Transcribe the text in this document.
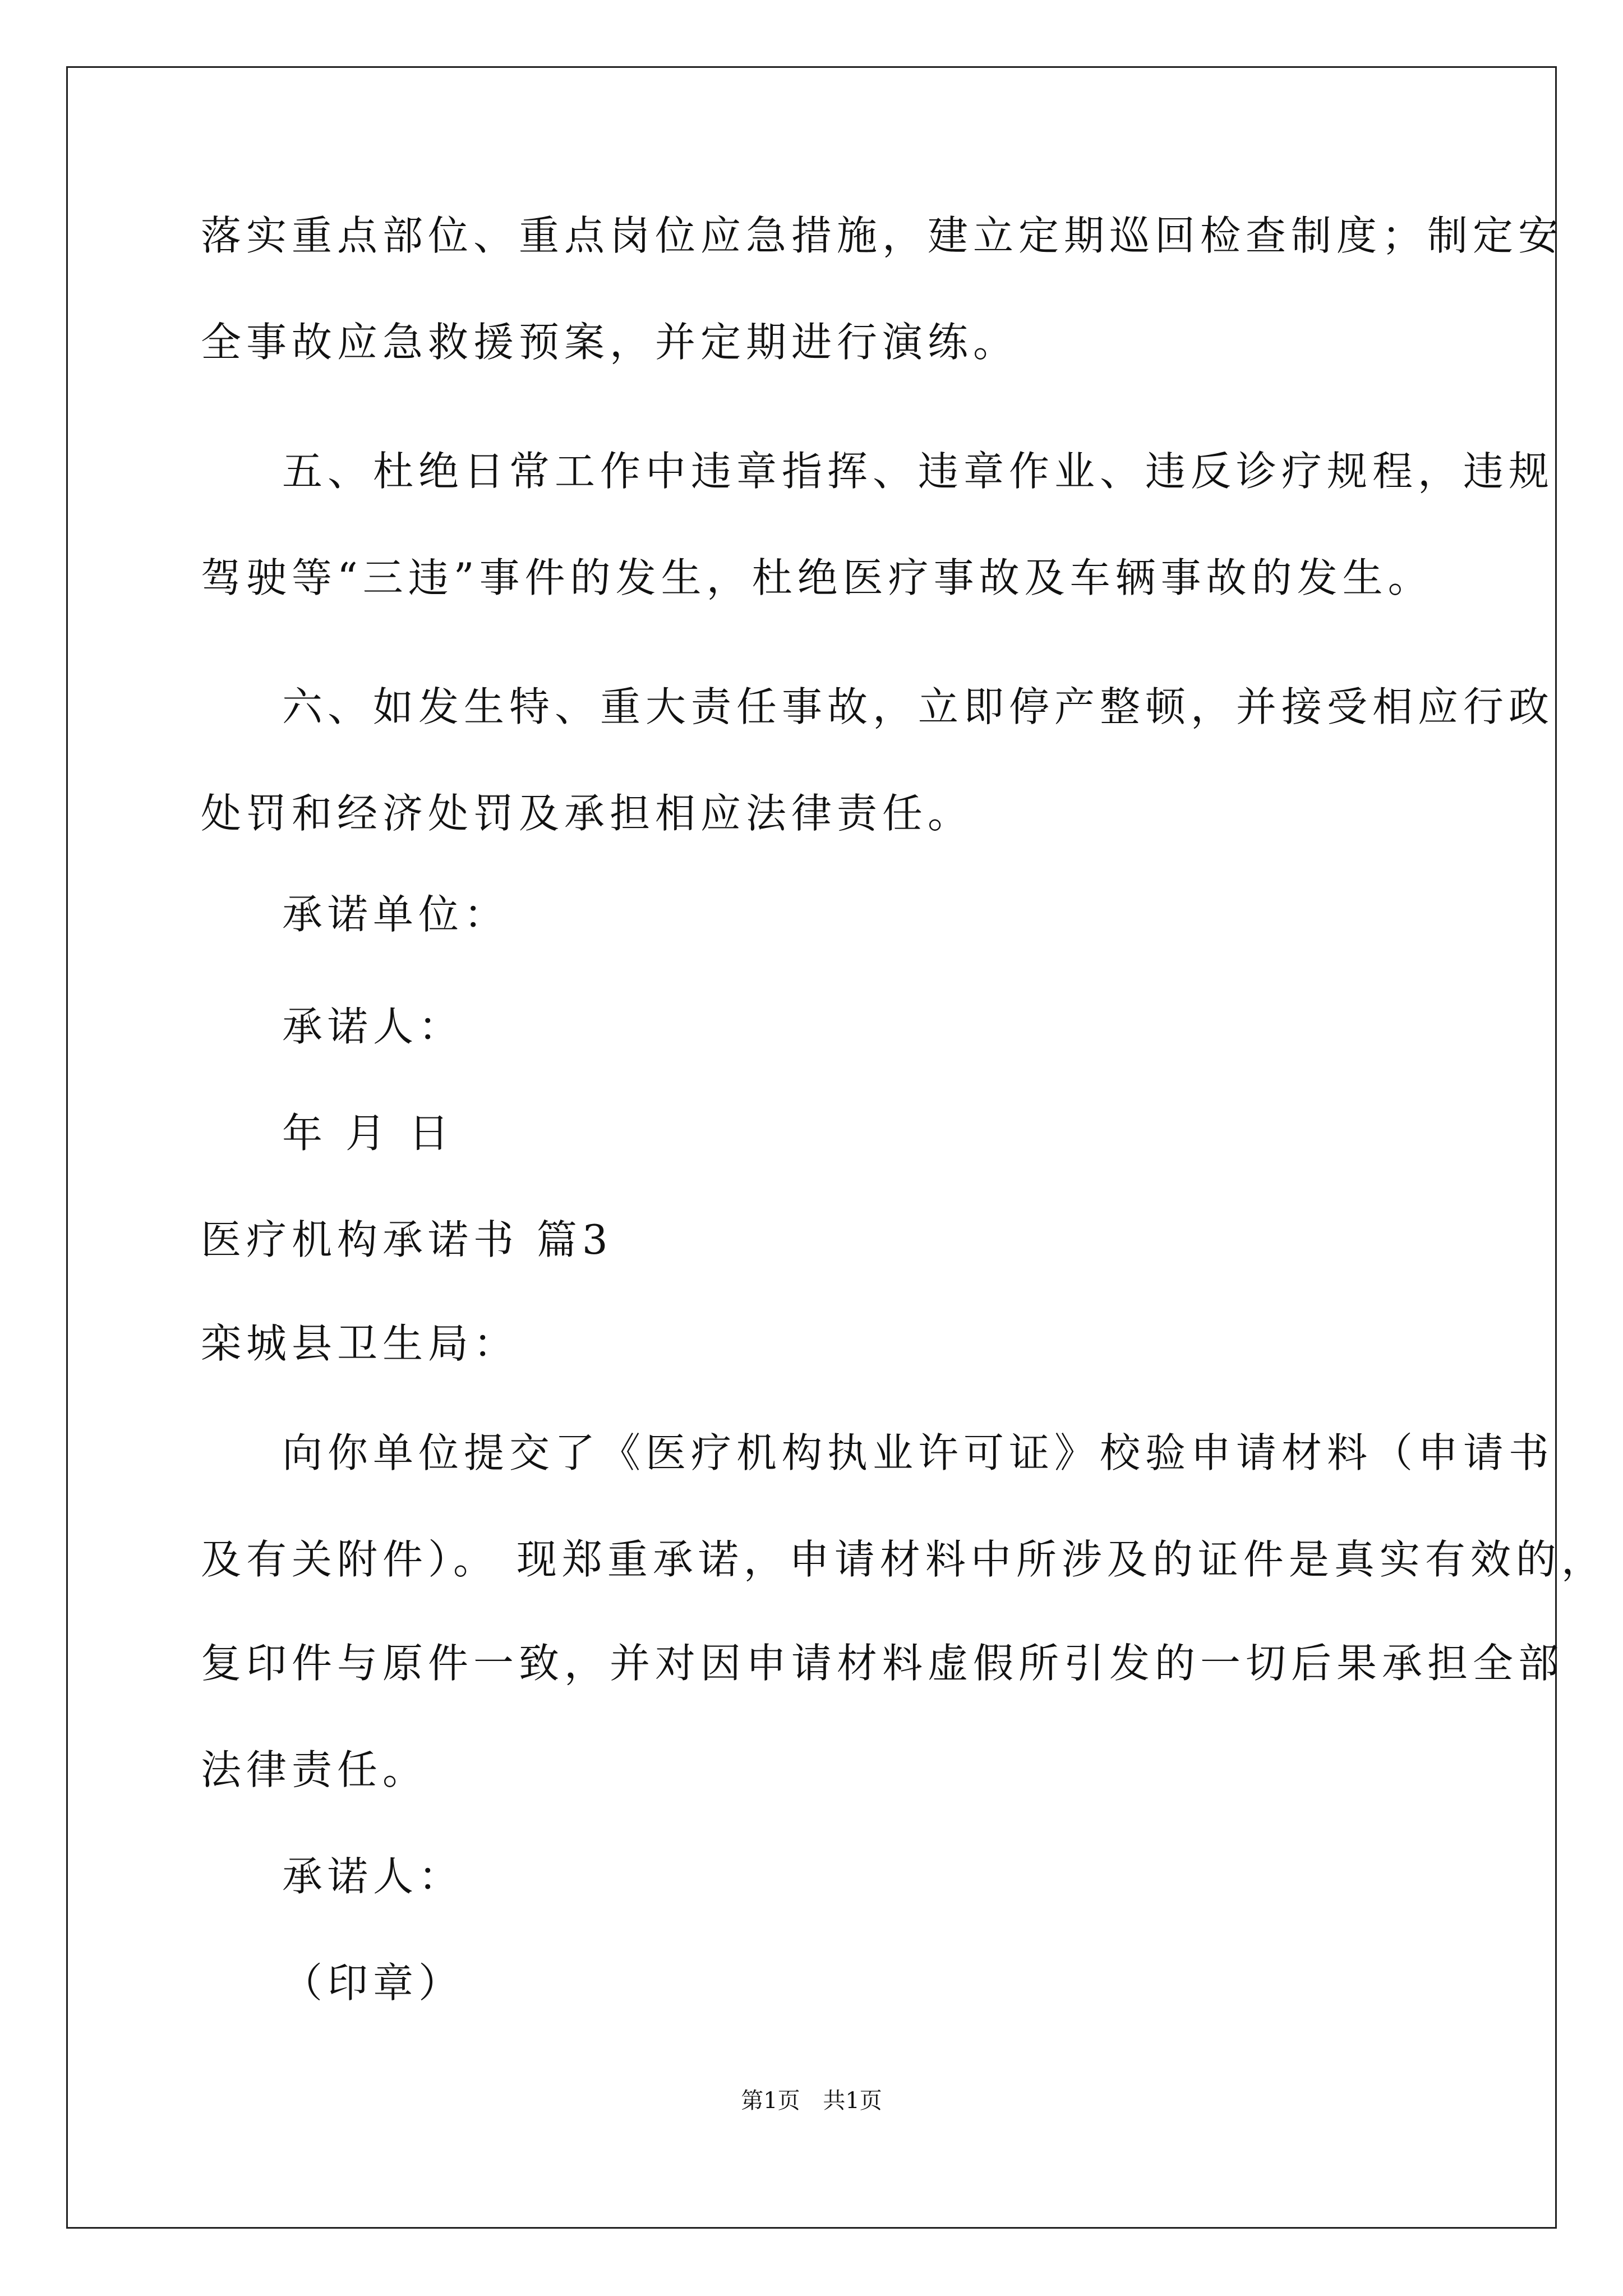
落实重点部位、重点岗位应急措施，建立定期巡回检查制度；制定安
全事故应急救援预案，并定期进行演练。
五、杜绝日常工作中违章指挥、违章作业、违反诊疗规程，违规
驾驶等“三违”事件的发生，杜绝医疗事故及车辆事故的发生。
六、如发生特、重大责任事故，立即停产整顿，并接受相应行政
处罚和经济处罚及承担相应法律责任。
承诺单位：
承诺人：
年 月 日
医疗机构承诺书 篇3
栾城县卫生局：
向你单位提交了《医疗机构执业许可证》校验申请材料（申请书
及有关附件）。 现郑重承诺，申请材料中所涉及的证件是真实有效的，
复印件与原件一致，并对因申请材料虚假所引发的一切后果承担全部
法律责任。
承诺人：
（印章）
第1页 共1页
